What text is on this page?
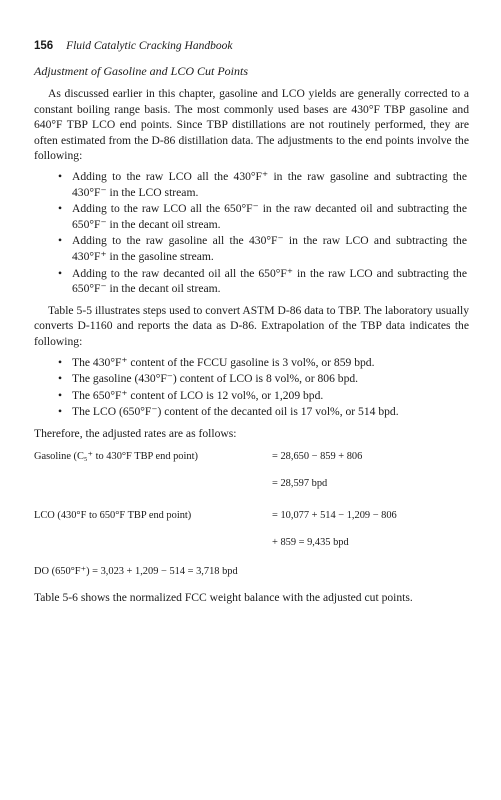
156 Fluid Catalytic Cracking Handbook
Adjustment of Gasoline and LCO Cut Points

As discussed earlier in this chapter, gasoline and LCO yields are generally corrected to a constant boiling range basis. The most commonly used bases are 430°F TBP gasoline and 640°F TBP LCO end points. Since TBP distillations are not routinely performed, they are often estimated from the D-86 distillation data. The adjustments to the end points involve the following:

• Adding to the raw LCO all the 430°F⁺ in the raw gasoline and subtracting the 430°F⁻ in the LCO stream.
• Adding to the raw LCO all the 650°F⁻ in the raw decanted oil and subtracting the 650°F⁻ in the decant oil stream.
• Adding to the raw gasoline all the 430°F⁻ in the raw LCO and subtracting the 430°F⁺ in the gasoline stream.
• Adding to the raw decanted oil all the 650°F⁺ in the raw LCO and subtracting the 650°F⁻ in the decant oil stream.

Table 5-5 illustrates steps used to convert ASTM D-86 data to TBP. The laboratory usually converts D-1160 and reports the data as D-86. Extrapolation of the TBP data indicates the following:

• The 430°F⁺ content of the FCCU gasoline is 3 vol%, or 859 bpd.
• The gasoline (430°F⁻) content of LCO is 8 vol%, or 806 bpd.
• The 650°F⁺ content of LCO is 12 vol%, or 1,209 bpd.
• The LCO (650°F⁻) content of the decanted oil is 17 vol%, or 514 bpd.

Therefore, the adjusted rates are as follows:

Gasoline (C₅⁺ to 430°F TBP end point)

	= 28,650 − 859 + 806

= 28,597 bpd

LCO (430°F to 650°F TBP end point)

	= 10,077 + 514 − 1,209 − 806

+ 859 = 9,435 bpd

DO (650°F⁺) = 3,023 + 1,209 − 514 = 3,718 bpd

Table 5-6 shows the normalized FCC weight balance with the adjusted cut points.
